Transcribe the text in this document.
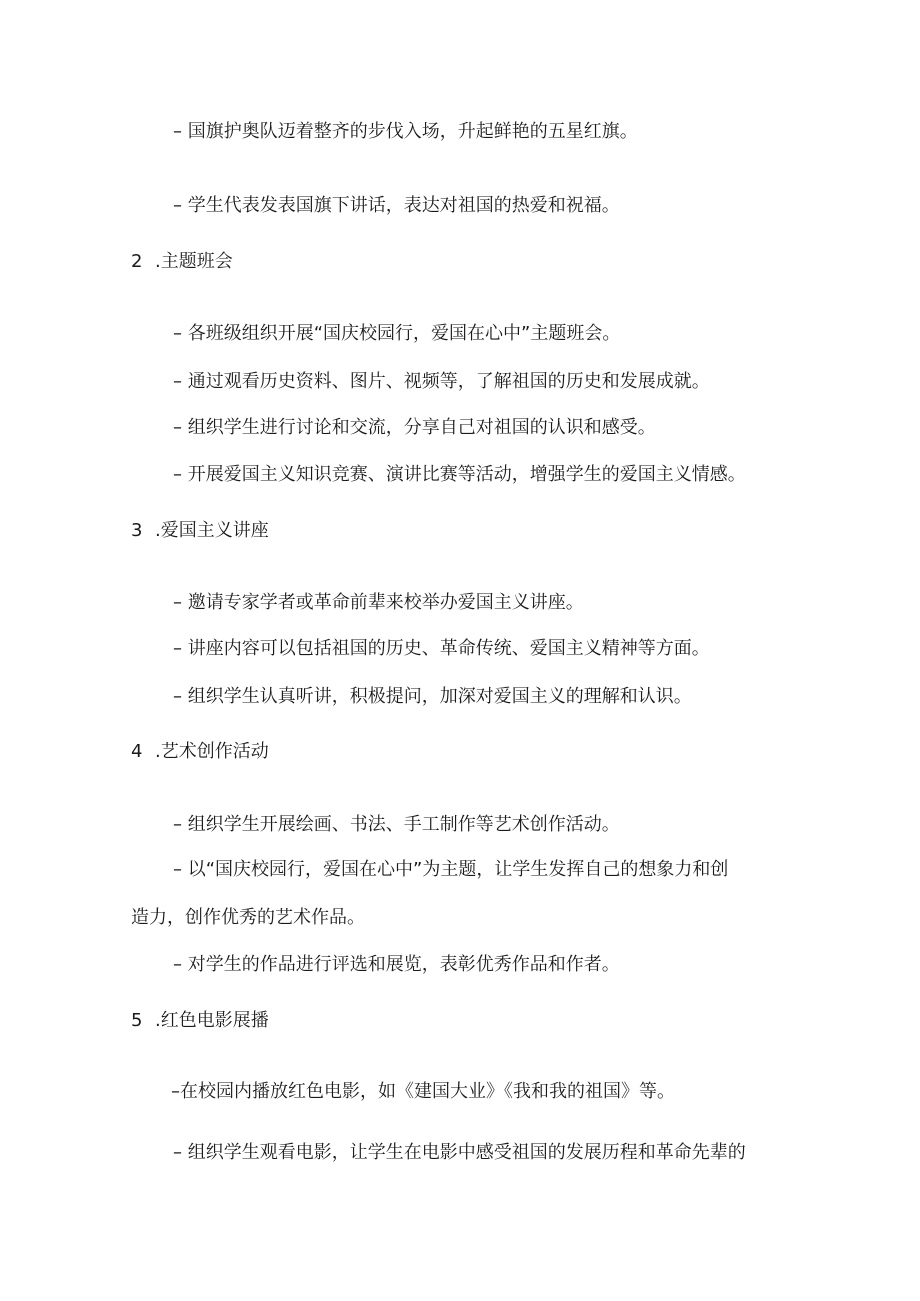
– 国旗护奥队迈着整齐的步伐入场，升起鲜艳的五星红旗。
– 学生代表发表国旗下讲话，表达对祖国的热爱和祝福。
2 .主题班会
– 各班级组织开展“国庆校园行，爱国在心中”主题班会。
– 通过观看历史资料、图片、视频等，了解祖国的历史和发展成就。
– 组织学生进行讨论和交流，分享自己对祖国的认识和感受。
– 开展爱国主义知识竞赛、演讲比赛等活动，增强学生的爱国主义情感。
3 .爱国主义讲座
– 邀请专家学者或革命前辈来校举办爱国主义讲座。
– 讲座内容可以包括祖国的历史、革命传统、爱国主义精神等方面。
– 组织学生认真听讲，积极提问，加深对爱国主义的理解和认识。
4 .艺术创作活动
– 组织学生开展绘画、书法、手工制作等艺术创作活动。
– 以“国庆校园行，爱国在心中”为主题，让学生发挥自己的想象力和创
造力，创作优秀的艺术作品。
– 对学生的作品进行评选和展览，表彰优秀作品和作者。
5 .红色电影展播
–在校园内播放红色电影，如《建国大业》《我和我的祖国》等。
– 组织学生观看电影，让学生在电影中感受祖国的发展历程和革命先辈的
